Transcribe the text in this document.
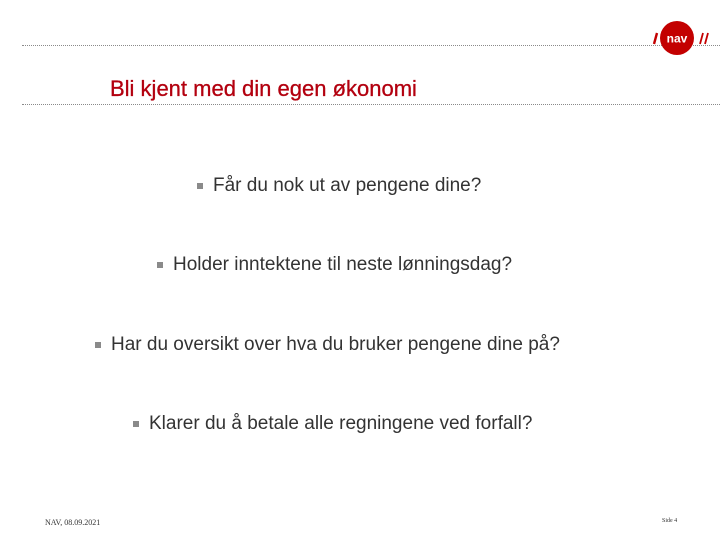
nav
Bli kjent med din egen økonomi
Får du nok ut av pengene dine?
Holder inntektene til neste lønningsdag?
Har du oversikt over hva du bruker pengene dine på?
Klarer du å betale alle regningene ved forfall?
NAV, 08.09.2021	Side 4
